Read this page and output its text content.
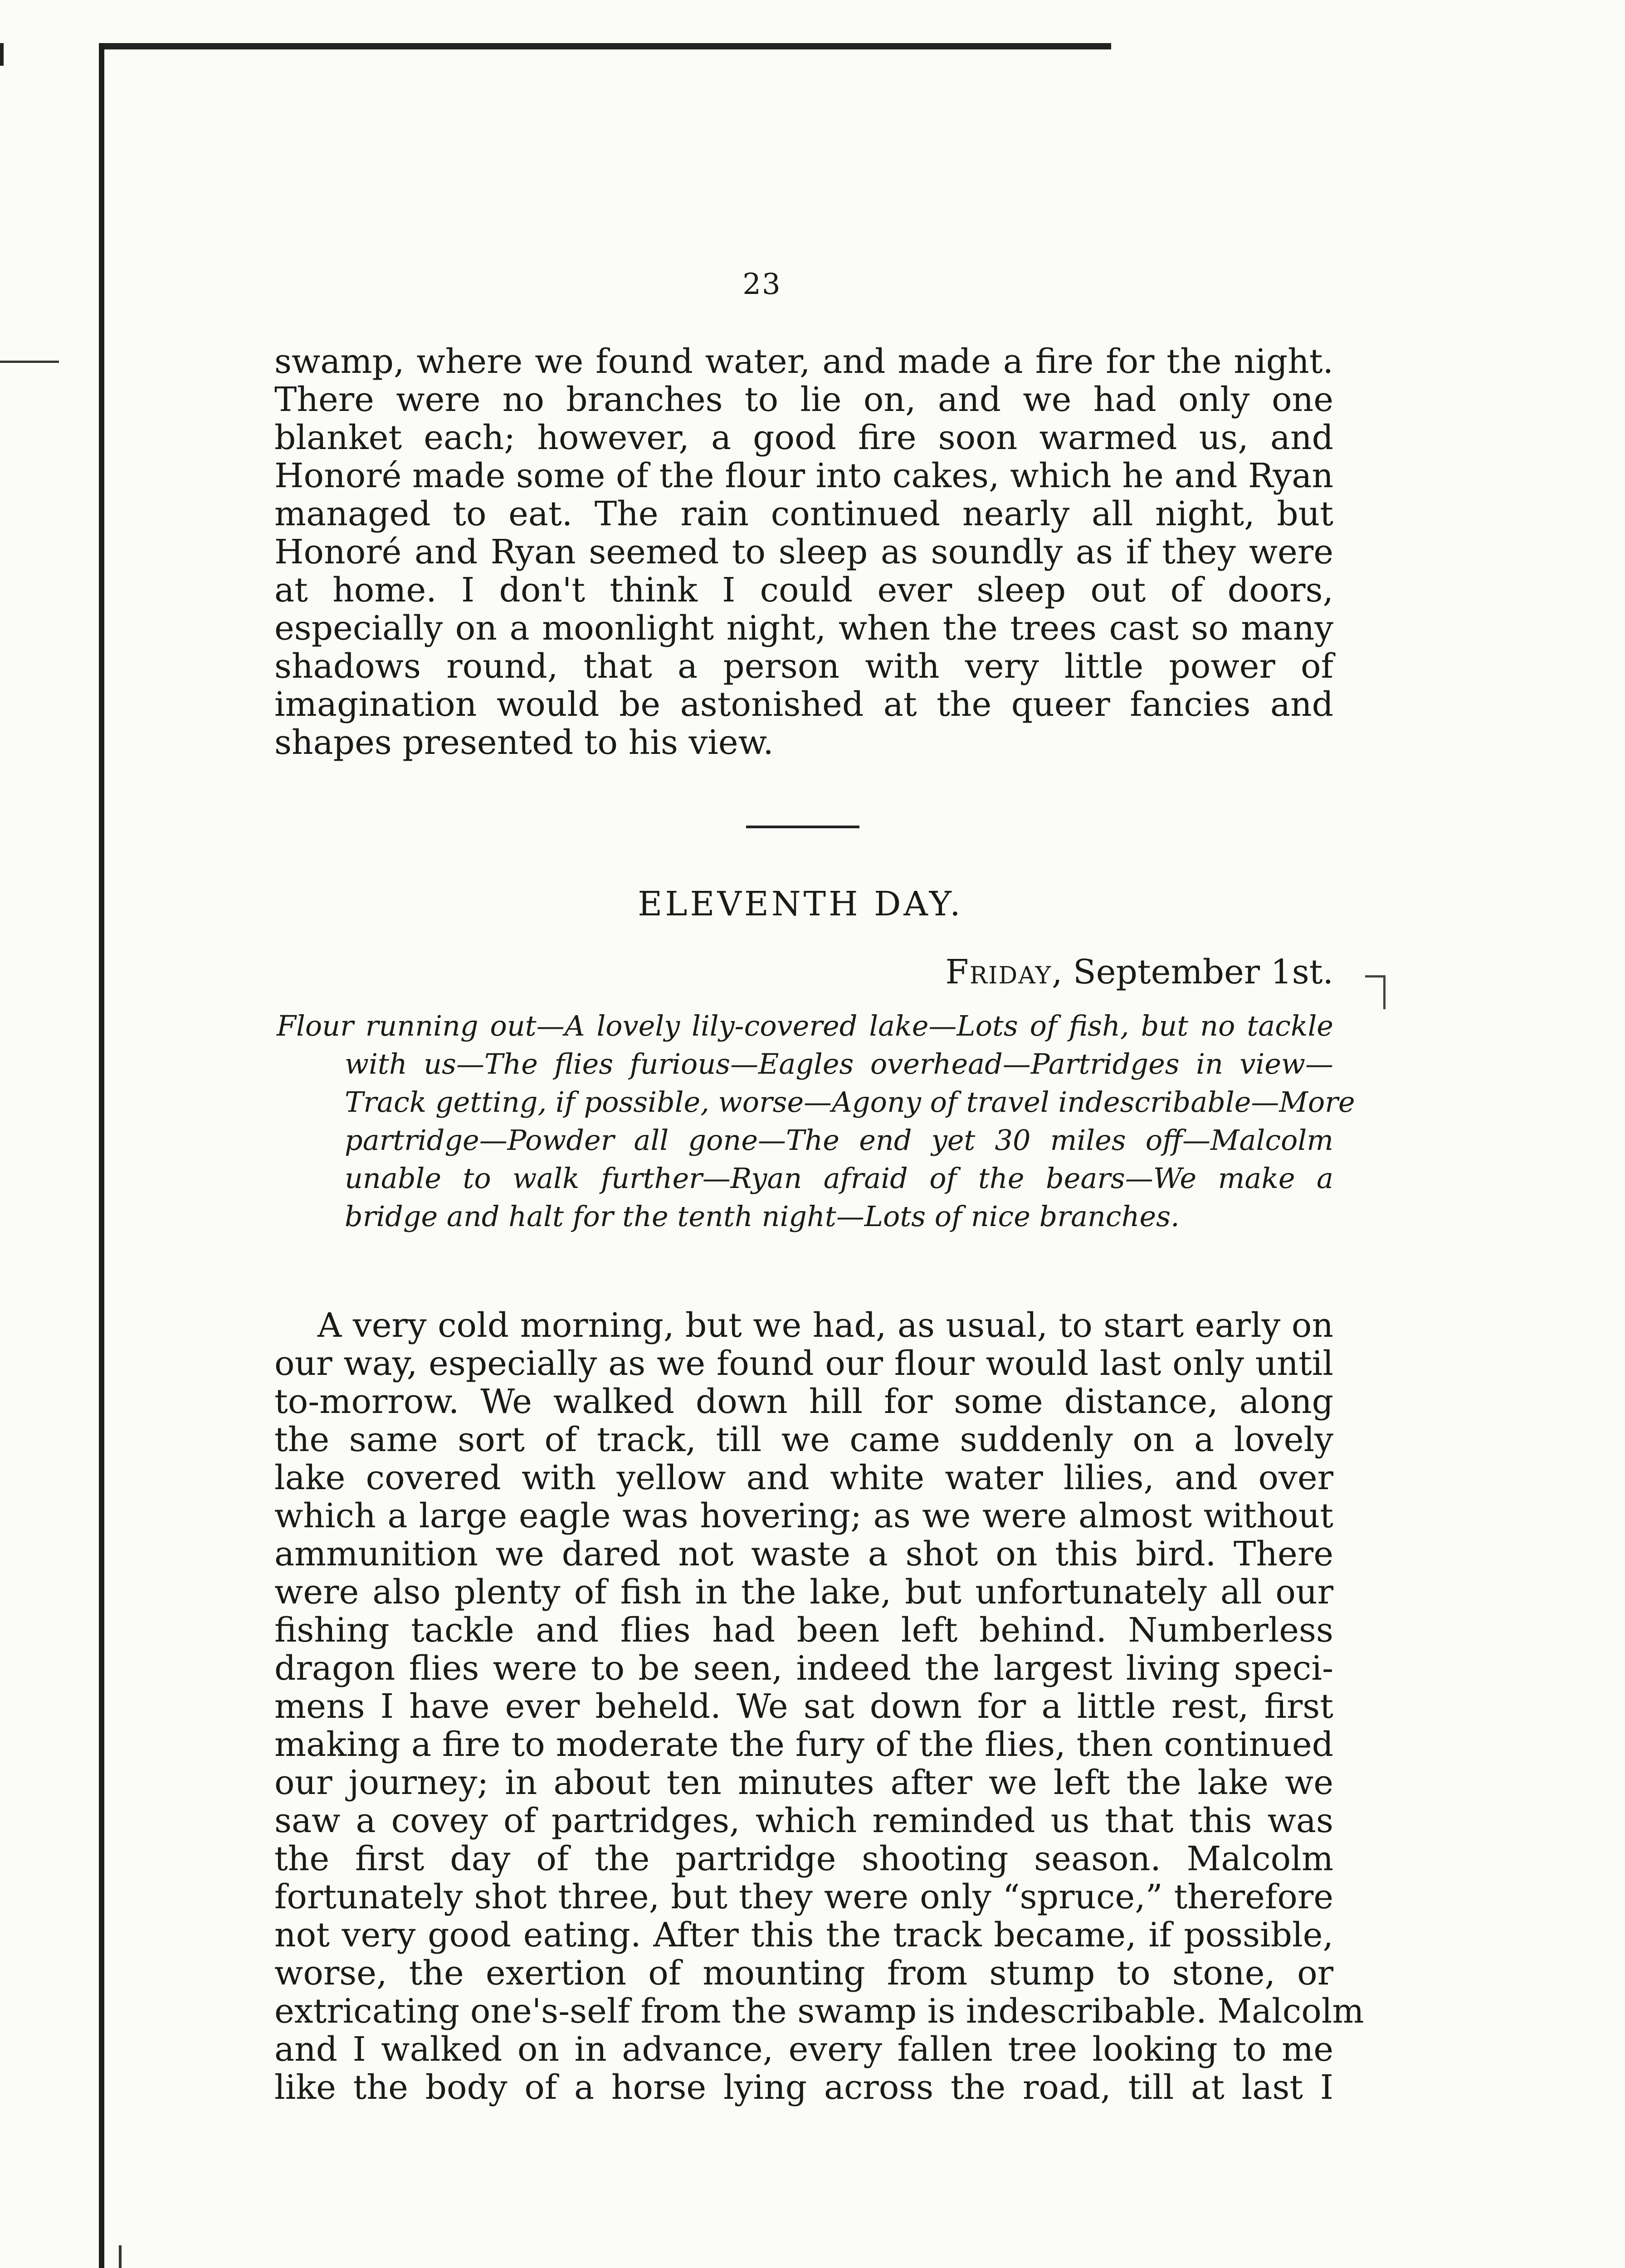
23
swamp, where we found water, and made a fire for the night.
There were no branches to lie on, and we had only one
blanket each; however, a good fire soon warmed us, and
Honoré made some of the flour into cakes, which he and Ryan
managed to eat. The rain continued nearly all night, but
Honoré and Ryan seemed to sleep as soundly as if they were
at home. I don't think I could ever sleep out of doors,
especially on a moonlight night, when the trees cast so many
shadows round, that a person with very little power of
imagination would be astonished at the queer fancies and
shapes presented to his view.
ELEVENTH DAY.
Friday, September 1st.
Flour running out—A lovely lily-covered lake—Lots of fish, but no tackle
with us—The flies furious—Eagles overhead—Partridges in view—
Track getting, if possible, worse—Agony of travel indescribable—More
partridge—Powder all gone—The end yet 30 miles off—Malcolm
unable to walk further—Ryan afraid of the bears—We make a
bridge and halt for the tenth night—Lots of nice branches.
A very cold morning, but we had, as usual, to start early on
our way, especially as we found our flour would last only until
to-morrow. We walked down hill for some distance, along
the same sort of track, till we came suddenly on a lovely
lake covered with yellow and white water lilies, and over
which a large eagle was hovering; as we were almost without
ammunition we dared not waste a shot on this bird. There
were also plenty of fish in the lake, but unfortunately all our
fishing tackle and flies had been left behind. Numberless
dragon flies were to be seen, indeed the largest living speci-
mens I have ever beheld. We sat down for a little rest, first
making a fire to moderate the fury of the flies, then continued
our journey; in about ten minutes after we left the lake we
saw a covey of partridges, which reminded us that this was
the first day of the partridge shooting season. Malcolm
fortunately shot three, but they were only “spruce,” therefore
not very good eating. After this the track became, if possible,
worse, the exertion of mounting from stump to stone, or
extricating one's-self from the swamp is indescribable. Malcolm
and I walked on in advance, every fallen tree looking to me
like the body of a horse lying across the road, till at last I
